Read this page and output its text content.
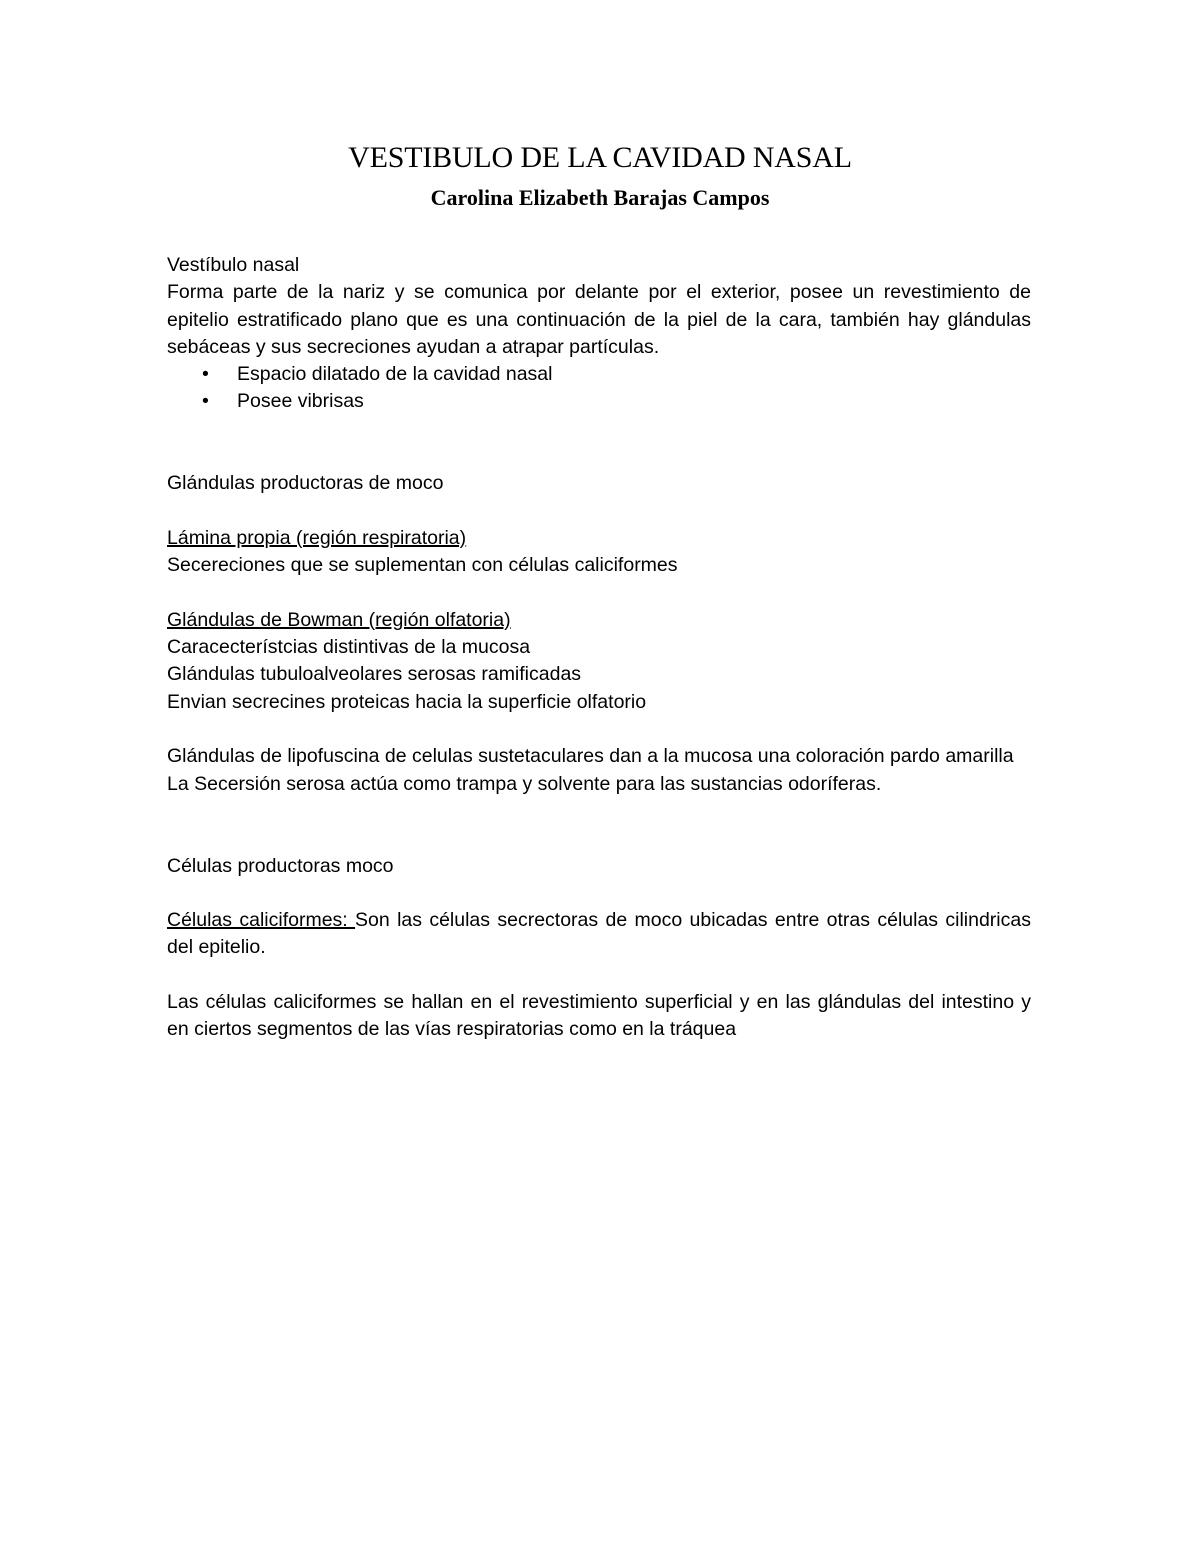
VESTIBULO DE LA CAVIDAD NASAL
Carolina Elizabeth Barajas Campos

Vestíbulo nasal

Forma parte de la nariz y se comunica por delante por el exterior, posee un revestimiento de epitelio estratificado plano que es una continuación de la piel de la cara, también hay glándulas sebáceas y sus secreciones ayudan a atrapar partículas.

• Espacio dilatado de la cavidad nasal
• Posee vibrisas

Glándulas productoras de moco

Lámina propia (región respiratoria)

Secereciones que se suplementan con células caliciformes

Glándulas de Bowman (región olfatoria)

Caracecterístcias distintivas de la mucosa

Glándulas tubuloalveolares serosas ramificadas

Envian secrecines proteicas hacia la superficie olfatorio

Glándulas de lipofuscina de celulas sustetaculares dan a la mucosa una coloración pardo amarilla

La Secersión serosa actúa como trampa y solvente para las sustancias odoríferas.

Células productoras moco

Células caliciformes: Son las células secrectoras de moco ubicadas entre otras células cilindricas del epitelio.

Las células caliciformes se hallan en el revestimiento superficial y en las glándulas del intestino y en ciertos segmentos de las vías respiratorias como en la tráquea
